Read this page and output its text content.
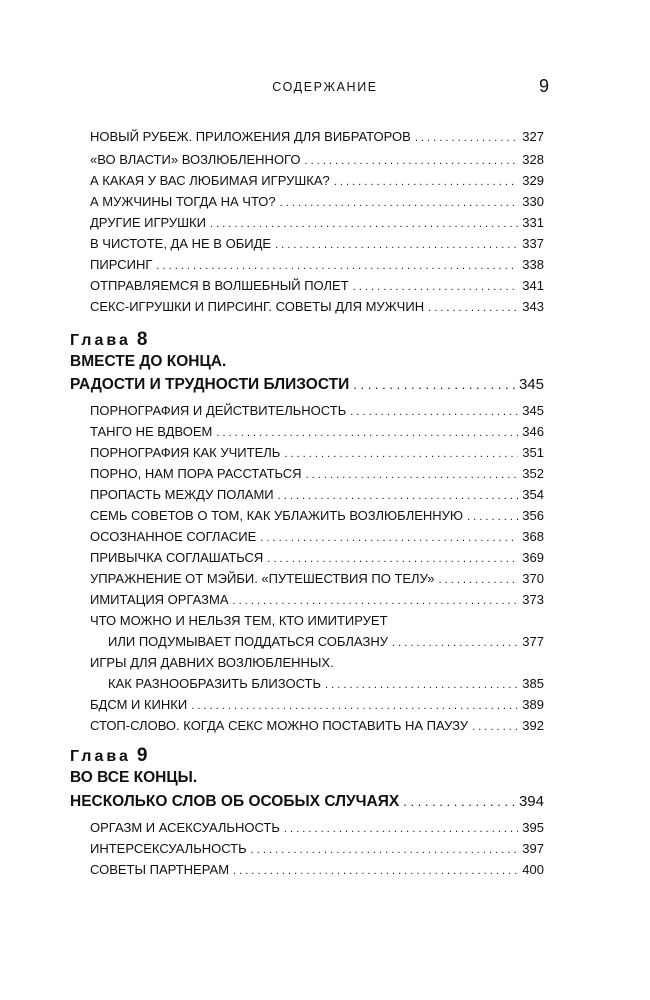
СОДЕРЖАНИЕ	9
НОВЫЙ РУБЕЖ. ПРИЛОЖЕНИЯ ДЛЯ ВИБРАТОРОВ . . .	327
«ВО ВЛАСТИ» ВОЗЛЮБЛЕННОГО . . .	328
А КАКАЯ У ВАС ЛЮБИМАЯ ИГРУШКА? . . .	329
А МУЖЧИНЫ ТОГДА НА ЧТО? . . .	330
ДРУГИЕ ИГРУШКИ . . .	331
В ЧИСТОТЕ, ДА НЕ В ОБИДЕ . . .	337
ПИРСИНГ . . .	338
ОТПРАВЛЯЕМСЯ В ВОЛШЕБНЫЙ ПОЛЕТ . . .	341
СЕКС-ИГРУШКИ И ПИРСИНГ. СОВЕТЫ ДЛЯ МУЖЧИН . . .	343
Глава 8
ВМЕСТЕ ДО КОНЦА.
РАДОСТИ И ТРУДНОСТИ БЛИЗОСТИ . . .	345
ПОРНОГРАФИЯ И ДЕЙСТВИТЕЛЬНОСТЬ . . .	345
ТАНГО НЕ ВДВОЕМ . . .	346
ПОРНОГРАФИЯ КАК УЧИТЕЛЬ . . .	351
ПОРНО, НАМ ПОРА РАССТАТЬСЯ . . .	352
ПРОПАСТЬ МЕЖДУ ПОЛАМИ . . .	354
СЕМЬ СОВЕТОВ О ТОМ, КАК УБЛАЖИТЬ ВОЗЛЮБЛЕННУЮ . . .	356
ОСОЗНАННОЕ СОГЛАСИЕ . . .	368
ПРИВЫЧКА СОГЛАШАТЬСЯ . . .	369
УПРАЖНЕНИЕ ОТ МЭЙБИ. «ПУТЕШЕСТВИЯ ПО ТЕЛУ» . . .	370
ИМИТАЦИЯ ОРГАЗМА . . .	373
ЧТО МОЖНО И НЕЛЬЗЯ ТЕМ, КТО ИМИТИРУЕТ
ИЛИ ПОДУМЫВАЕТ ПОДДАТЬСЯ СОБЛАЗНУ . . .	377
ИГРЫ ДЛЯ ДАВНИХ ВОЗЛЮБЛЕННЫХ.
КАК РАЗНООБРАЗИТЬ БЛИЗОСТЬ . . .	385
БДСМ И КИНКИ . . .	389
СТОП-СЛОВО. КОГДА СЕКС МОЖНО ПОСТАВИТЬ НА ПАУЗУ . . .	392
Глава 9
ВО ВСЕ КОНЦЫ.
НЕСКОЛЬКО СЛОВ ОБ ОСОБЫХ СЛУЧАЯХ . . .	394
ОРГАЗМ И АСЕКСУАЛЬНОСТЬ . . .	395
ИНТЕРСЕКСУАЛЬНОСТЬ . . .	397
СОВЕТЫ ПАРТНЕРАМ . . .	400
